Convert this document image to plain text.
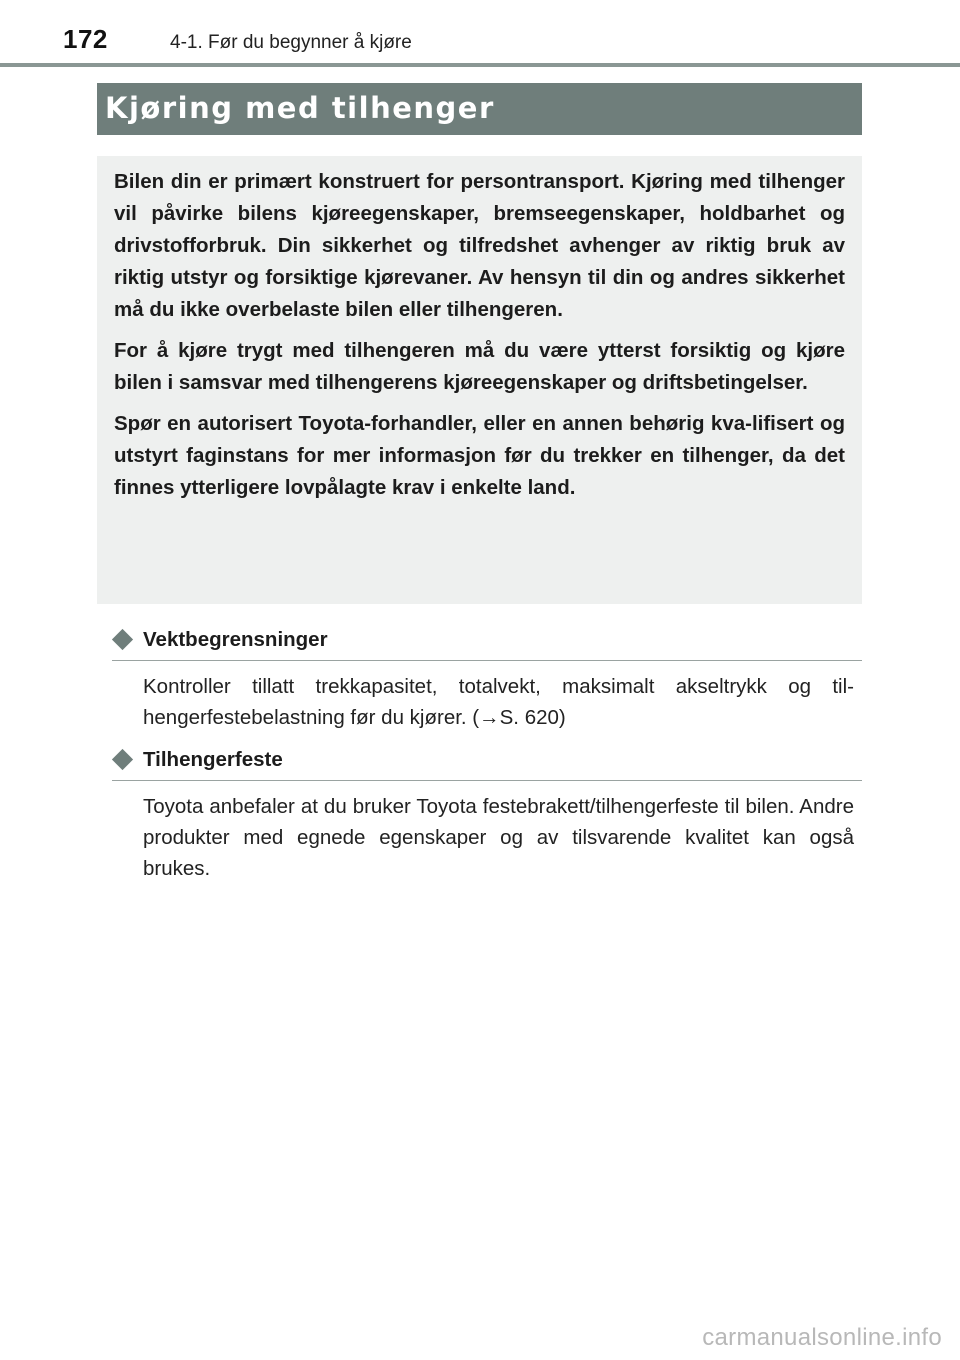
172	4-1. Før du begynner å kjøre
Kjøring med tilhenger

Bilen din er primært konstruert for persontransport. Kjøring med tilhenger vil påvirke bilens kjøreegenskaper, bremseegenskaper, holdbarhet og drivstofforbruk. Din sikkerhet og tilfredshet avhenger av riktig bruk av riktig utstyr og forsiktige kjørevaner. Av hensyn til din og andres sikkerhet må du ikke overbelaste bilen eller tilhengeren.

For å kjøre trygt med tilhengeren må du være ytterst forsiktig og kjøre bilen i samsvar med tilhengerens kjøreegenskaper og driftsbetingelser.

Spør en autorisert Toyota-forhandler, eller en annen behørig kva-lifisert og utstyrt faginstans for mer informasjon før du trekker en tilhenger, da det finnes ytterligere lovpålagte krav i enkelte land.

Vektbegrensninger
Kontroller tillatt trekkapasitet, totalvekt, maksimalt akseltrykk og til-hengerfestebelastning før du kjører. (→S. 620)
Tilhengerfeste
Toyota anbefaler at du bruker Toyota festebrakett/tilhengerfeste til bilen. Andre produkter med egnede egenskaper og av tilsvarende kvalitet kan også brukes.
carmanualsonline.info
